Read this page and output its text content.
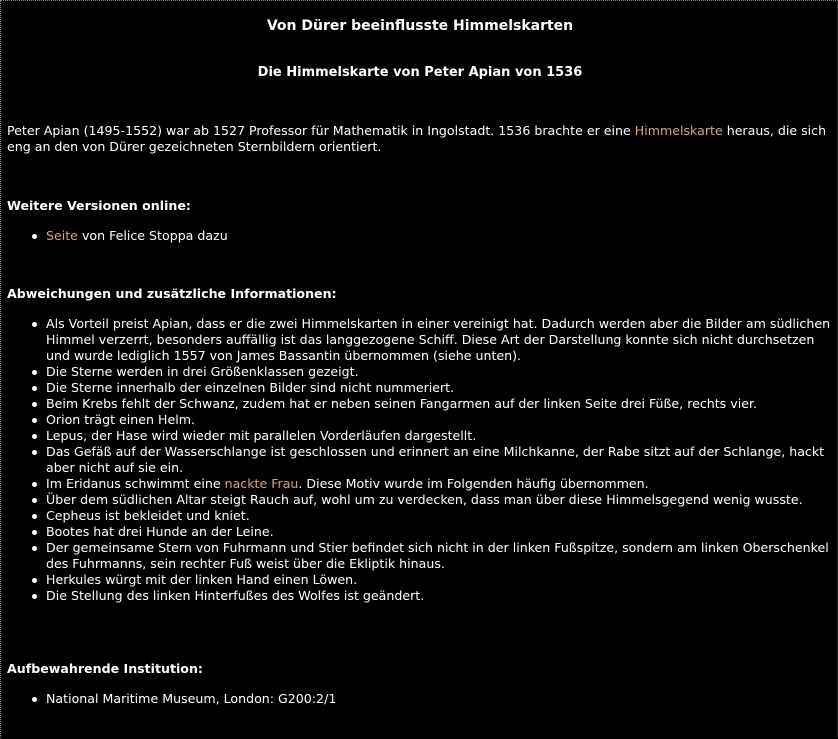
Von Dürer beeinflusste Himmelskarten
Die Himmelskarte von Peter Apian von 1536

Peter Apian (1495-1552) war ab 1527 Professor für Mathematik in Ingolstadt. 1536 brachte er eine Himmelskarte heraus, die sich eng an den von Dürer gezeichneten Sternbildern orientiert.

Weitere Versionen online:
Seite von Felice Stoppa dazu
Abweichungen und zusätzliche Informationen:
Als Vorteil preist Apian, dass er die zwei Himmelskarten in einer vereinigt hat. Dadurch werden aber die Bilder am südlichen Himmel verzerrt, besonders auffällig ist das langgezogene Schiff. Diese Art der Darstellung konnte sich nicht durchsetzen und wurde lediglich 1557 von James Bassantin übernommen (siehe unten).
Die Sterne werden in drei Größenklassen gezeigt.
Die Sterne innerhalb der einzelnen Bilder sind nicht nummeriert.
Beim Krebs fehlt der Schwanz, zudem hat er neben seinen Fangarmen auf der linken Seite drei Füße, rechts vier.
Orion trägt einen Helm.
Lepus, der Hase wird wieder mit parallelen Vorderläufen dargestellt.
Das Gefäß auf der Wasserschlange ist geschlossen und erinnert an eine Milchkanne, der Rabe sitzt auf der Schlange, hackt aber nicht auf sie ein.
Im Eridanus schwimmt eine nackte Frau. Diese Motiv wurde im Folgenden häufig übernommen.
Über dem südlichen Altar steigt Rauch auf, wohl um zu verdecken, dass man über diese Himmelsgegend wenig wusste.
Cepheus ist bekleidet und kniet.
Bootes hat drei Hunde an der Leine.
Der gemeinsame Stern von Fuhrmann und Stier befindet sich nicht in der linken Fußspitze, sondern am linken Oberschenkel des Fuhrmanns, sein rechter Fuß weist über die Ekliptik hinaus.
Herkules würgt mit der linken Hand einen Löwen.
Die Stellung des linken Hinterfußes des Wolfes ist geändert.
Aufbewahrende Institution:
National Maritime Museum, London: G200:2/1
